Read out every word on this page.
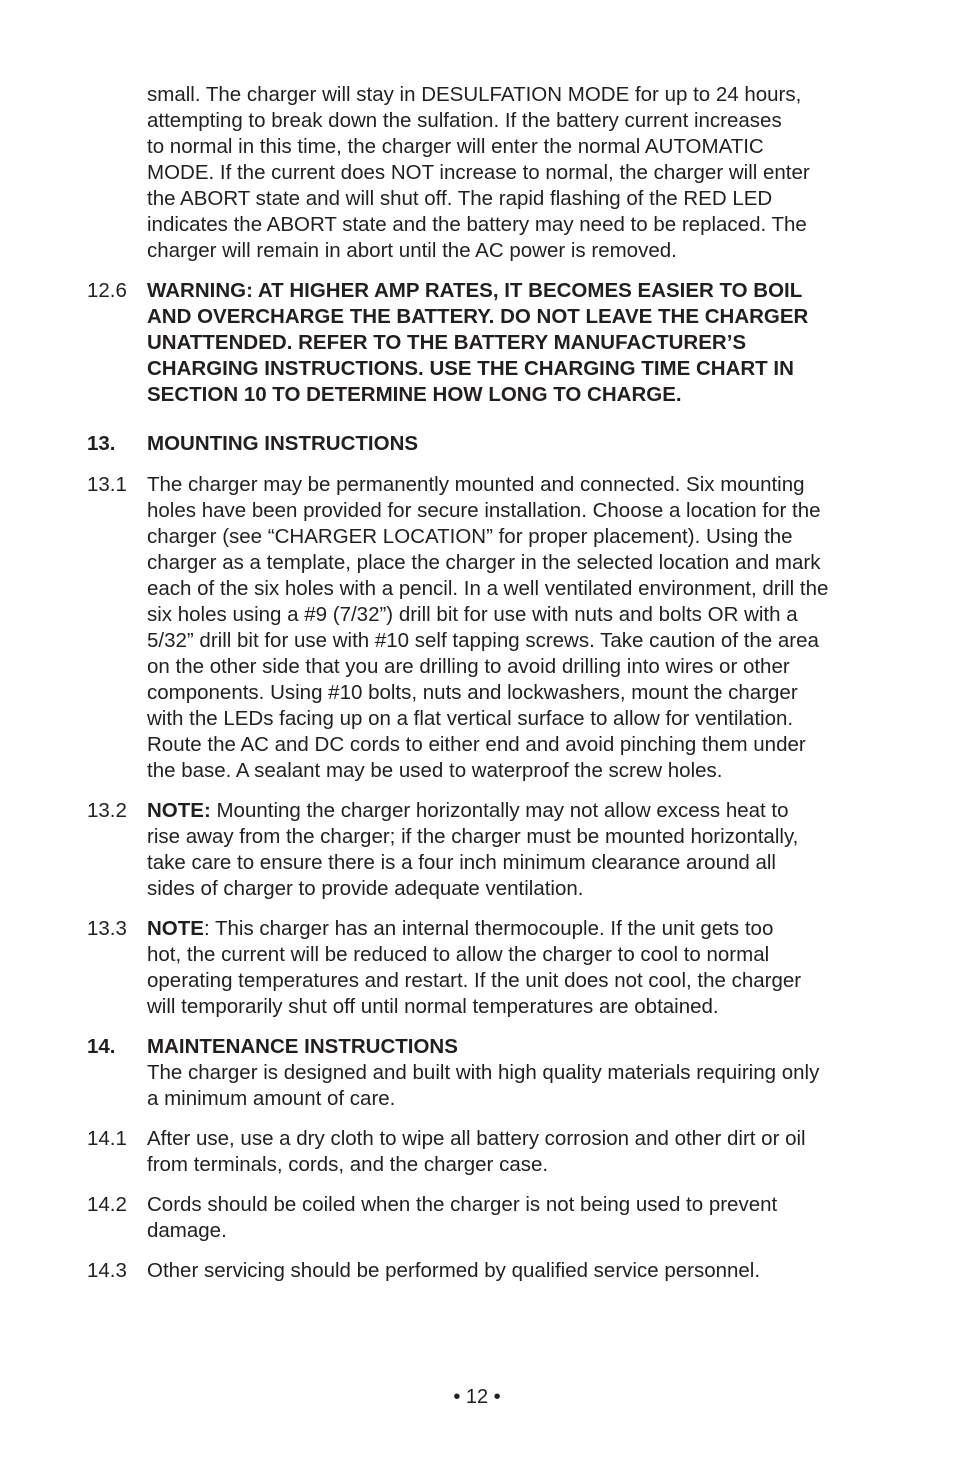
small. The charger will stay in DESULFATION MODE for up to 24 hours,
attempting to break down the sulfation. If the battery current increases
to normal in this time, the charger will enter the normal AUTOMATIC
MODE. If the current does NOT increase to normal, the charger will enter
the ABORT state and will shut off. The rapid flashing of the RED LED
indicates the ABORT state and the battery may need to be replaced. The
charger will remain in abort until the AC power is removed.
12.6 WARNING: AT HIGHER AMP RATES, IT BECOMES EASIER TO BOIL
AND OVERCHARGE THE BATTERY. DO NOT LEAVE THE CHARGER
UNATTENDED. REFER TO THE BATTERY MANUFACTURER’S
CHARGING INSTRUCTIONS. USE THE CHARGING TIME CHART IN
SECTION 10 TO DETERMINE HOW LONG TO CHARGE.
13.	MOUNTING INSTRUCTIONS
13.1 The charger may be permanently mounted and connected. Six mounting
holes have been provided for secure installation. Choose a location for the
charger (see “CHARGER LOCATION” for proper placement). Using the
charger as a template, place the charger in the selected location and mark
each of the six holes with a pencil. In a well ventilated environment, drill the
six holes using a #9 (7/32”) drill bit for use with nuts and bolts OR with a
5/32” drill bit for use with #10 self tapping screws. Take caution of the area
on the other side that you are drilling to avoid drilling into wires or other
components. Using #10 bolts, nuts and lockwashers, mount the charger
with the LEDs facing up on a flat vertical surface to allow for ventilation.
Route the AC and DC cords to either end and avoid pinching them under
the base. A sealant may be used to waterproof the screw holes.
13.2 NOTE: Mounting the charger horizontally may not allow excess heat to
rise away from the charger; if the charger must be mounted horizontally,
take care to ensure there is a four inch minimum clearance around all
sides of charger to provide adequate ventilation.
13.3 NOTE: This charger has an internal thermocouple. If the unit gets too
hot, the current will be reduced to allow the charger to cool to normal
operating temperatures and restart. If the unit does not cool, the charger
will temporarily shut off until normal temperatures are obtained.
14.	MAINTENANCE INSTRUCTIONS
The charger is designed and built with high quality materials requiring only
a minimum amount of care.
14.1 After use, use a dry cloth to wipe all battery corrosion and other dirt or oil
from terminals, cords, and the charger case.
14.2 Cords should be coiled when the charger is not being used to prevent
damage.
14.3 Other servicing should be performed by qualified service personnel.
• 12 •
